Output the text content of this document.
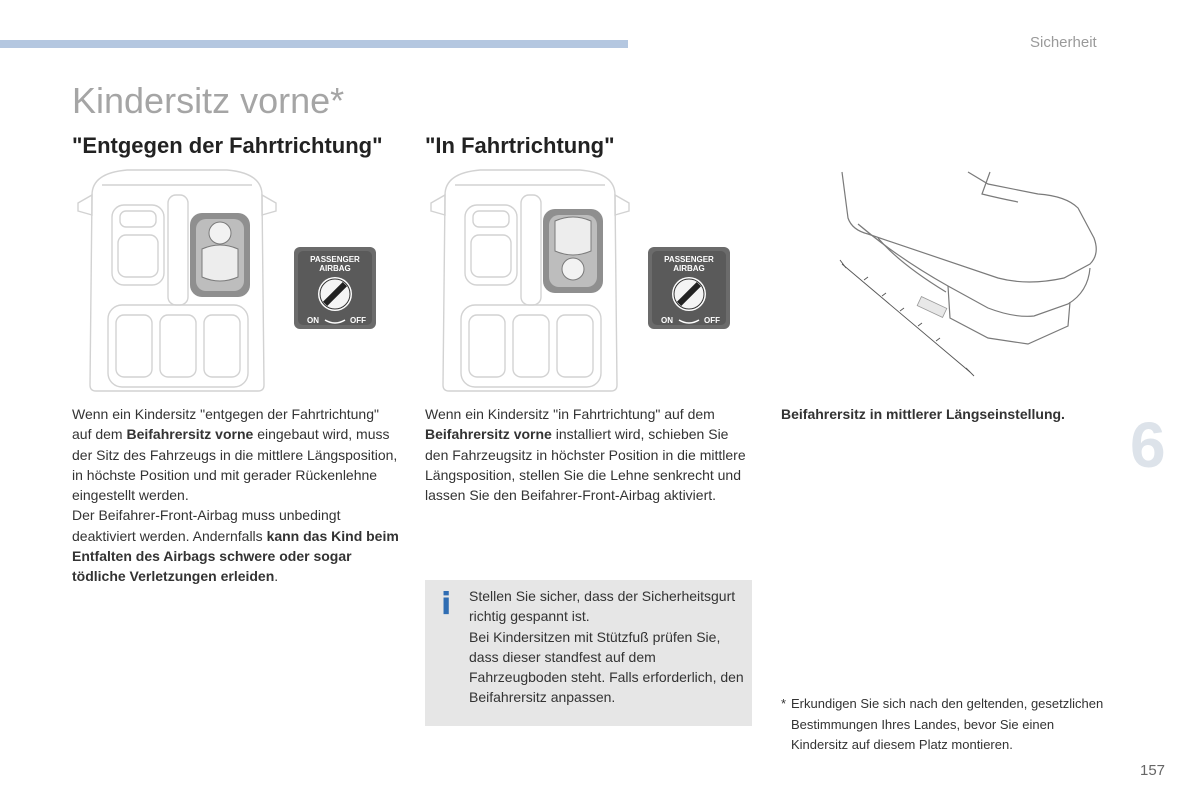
Sicherheit
Kindersitz vorne*
"Entgegen der Fahrtrichtung" "In Fahrtrichtung"
PASSENGER
AIRBAG
ON	OFF
PASSENGER
AIRBAG
ON	OFF

Wenn ein Kindersitz "entgegen der Fahrtrichtung" auf dem Beifahrersitz vorne eingebaut wird, muss der Sitz des Fahrzeugs in die mittlere Längsposition, in höchste Position und mit gerader Rückenlehne eingestellt werden.

Der Beifahrer-Front-Airbag muss unbedingt deaktiviert werden. Andernfalls kann das Kind beim Entfalten des Airbags schwere oder sogar tödliche Verletzungen erleiden.

Wenn ein Kindersitz "in Fahrtrichtung" auf dem Beifahrersitz vorne installiert wird, schieben Sie den Fahrzeugsitz in höchster Position in die mittlere Längsposition, stellen Sie die Lehne senkrecht und lassen Sie den Beifahrer-Front-Airbag aktiviert.

Beifahrersitz in mittlerer Längseinstellung.
i Stellen Sie sicher, dass der Sicherheitsgurt richtig gespannt ist.

Bei Kindersitzen mit Stützfuß prüfen Sie, dass dieser standfest auf dem Fahrzeugboden steht. Falls erforderlich, den Beifahrersitz anpassen.	* Erkundigen Sie sich nach den geltenden, gesetzlichen Bestimmungen Ihres Landes, bevor Sie einen Kindersitz auf diesem Platz montieren.
6
157
